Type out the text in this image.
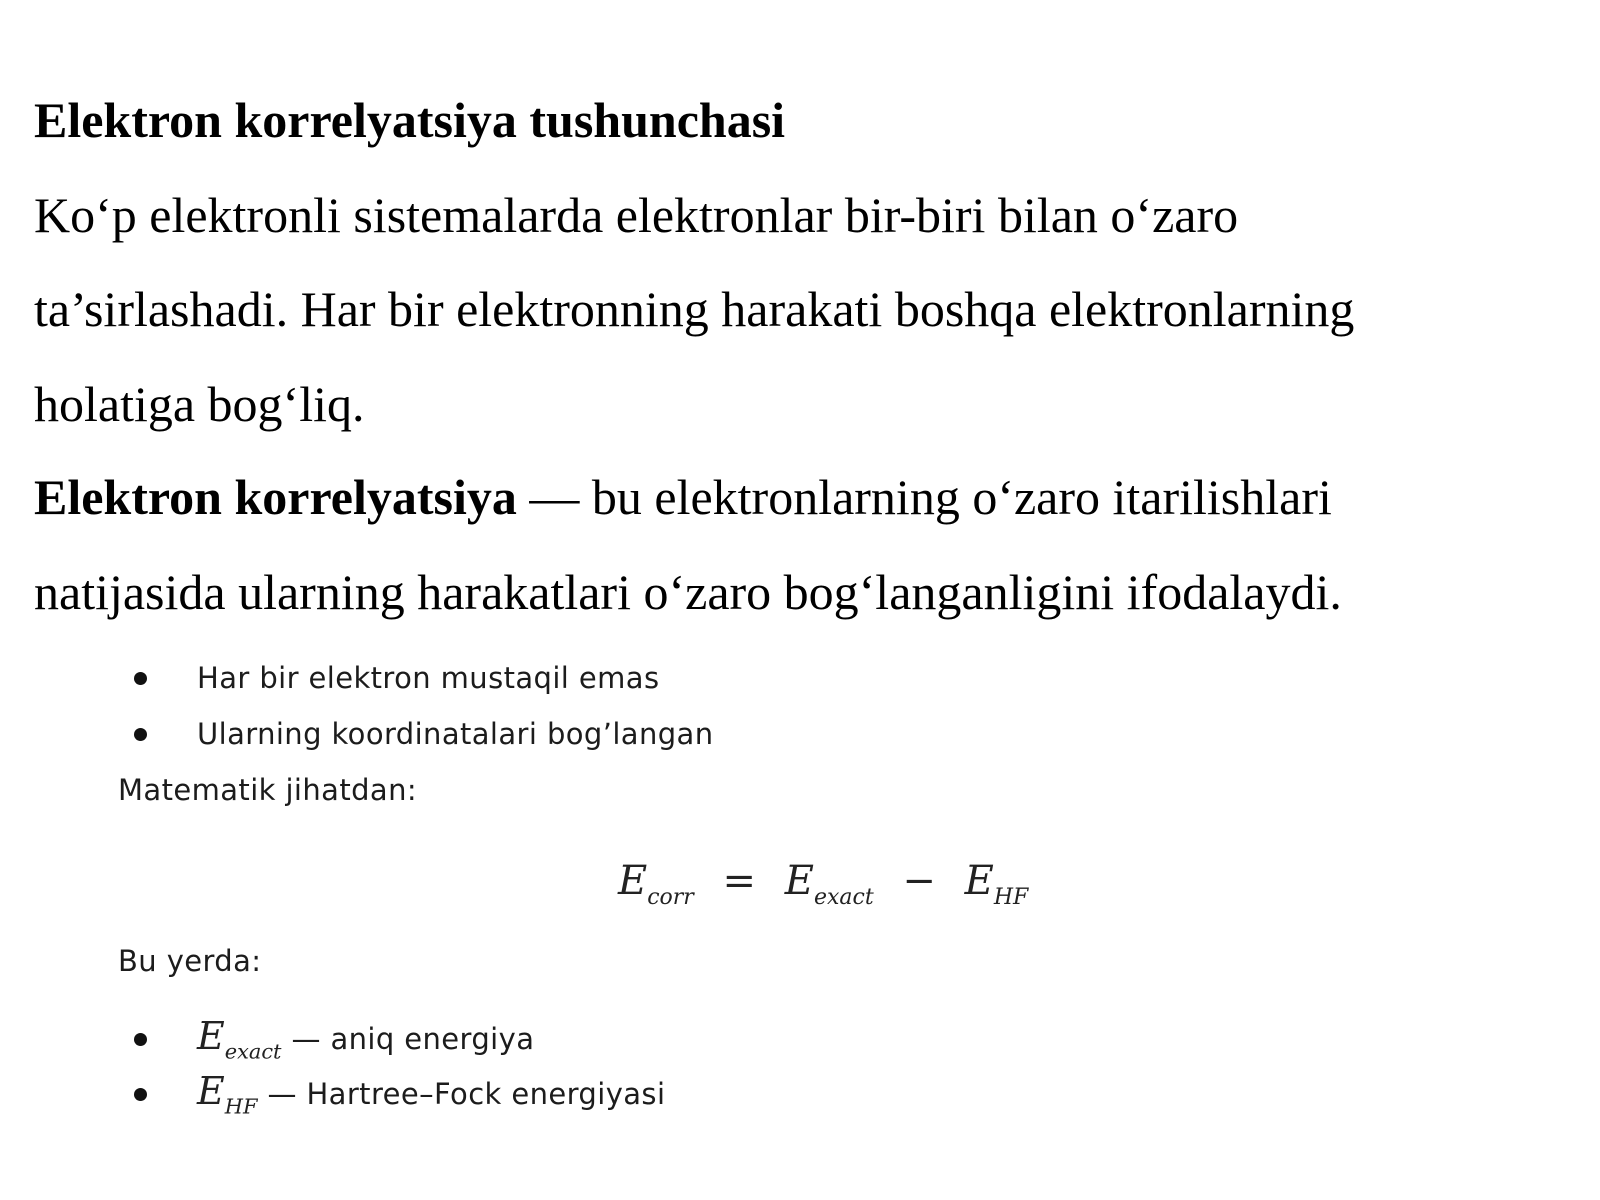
Elektron korrelyatsiya tushunchasi
Ko‘p elektronli sistemalarda elektronlar bir-biri bilan o‘zaro
ta’sirlashadi. Har bir elektronning harakati boshqa elektronlarning
holatiga bog‘liq.
Elektron korrelyatsiya — bu elektronlarning o‘zaro itarilishlari
natijasida ularning harakatlari o‘zaro bog‘langanligini ifodalaydi.
Har bir elektron mustaqil emas
Ularning koordinatalari bog’langan
Matematik jihatdan:
$E_{corr} = E_{exact} - E_{HF}$
Bu yerda:
$E_{exact}$ — aniq energiya
$E_{HF}$ — Hartree–Fock energiyasi
